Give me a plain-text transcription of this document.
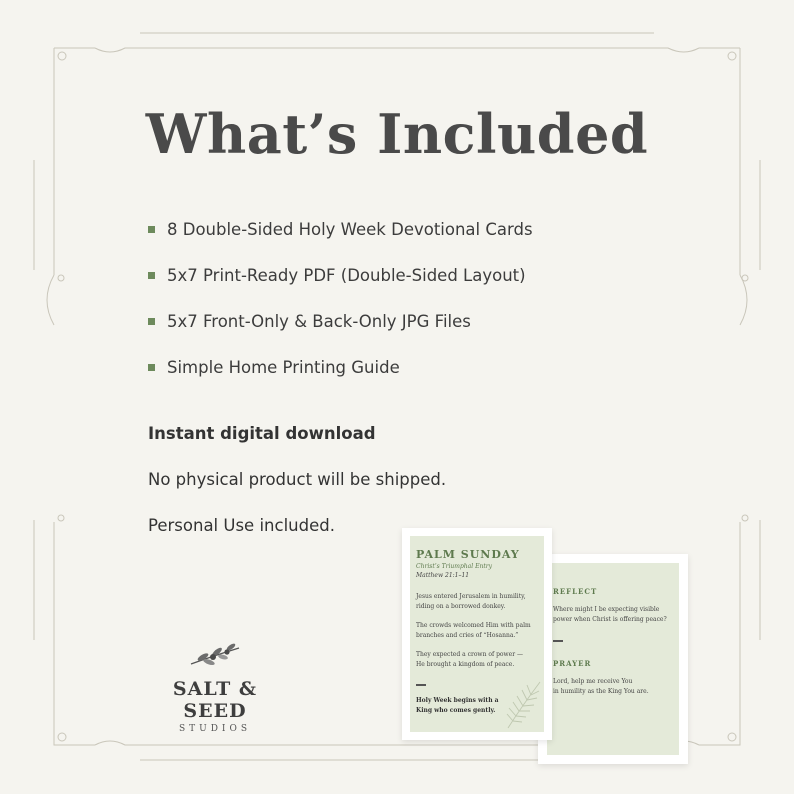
What’s Included
8 Double-Sided Holy Week Devotional Cards
5x7 Print-Ready PDF (Double-Sided Layout)
5x7 Front-Only & Back-Only JPG Files
Simple Home Printing Guide
Instant digital download
No physical product will be shipped.
Personal Use included.
SALT & SEED
STUDIOS
REFLECT
Where might I be expecting visible
power when Christ is offering peace?
PRAYER
Lord, help me receive You
in humility as the King You are.
PALM SUNDAY
Christ’s Triumphal Entry
Matthew 21:1–11
Jesus entered Jerusalem in humility,
riding on a borrowed donkey.
The crowds welcomed Him with palm
branches and cries of “Hosanna.”
They expected a crown of power —
He brought a kingdom of peace.
Holy Week begins with a
King who comes gently.
